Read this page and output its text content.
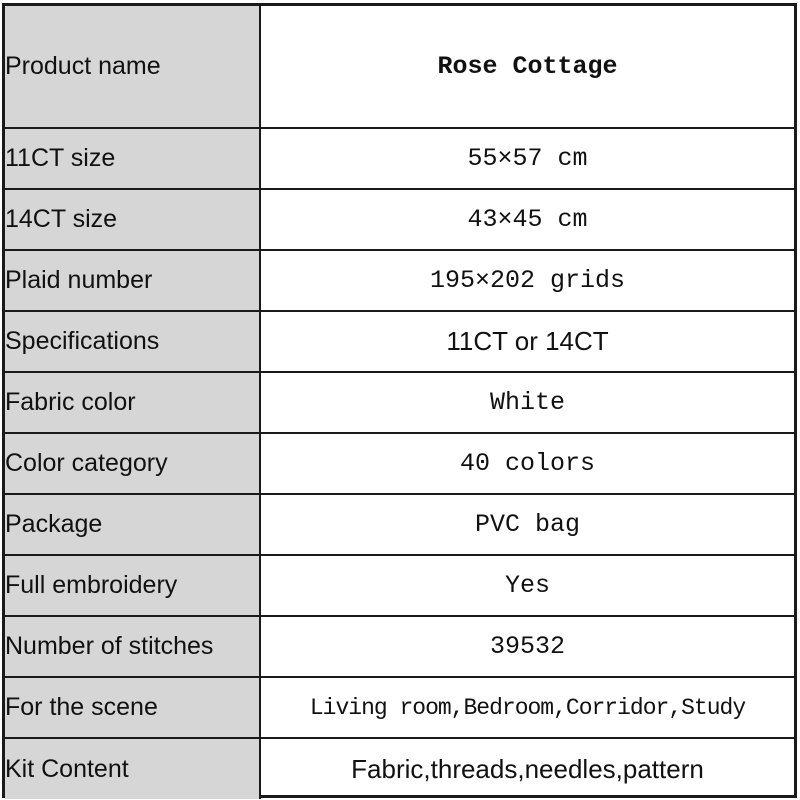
Product name	Rose Cottage
11CT size	55×57 cm
14CT size	43×45 cm
Plaid number	195×202 grids
Specifications	11CT or 14CT
Fabric color	White
Color category	40 colors
Package	PVC bag
Full embroidery	Yes
Number of stitches	39532
For the scene	Living room,Bedroom,Corridor,Study
Kit Content	Fabric,threads,needles,pattern
